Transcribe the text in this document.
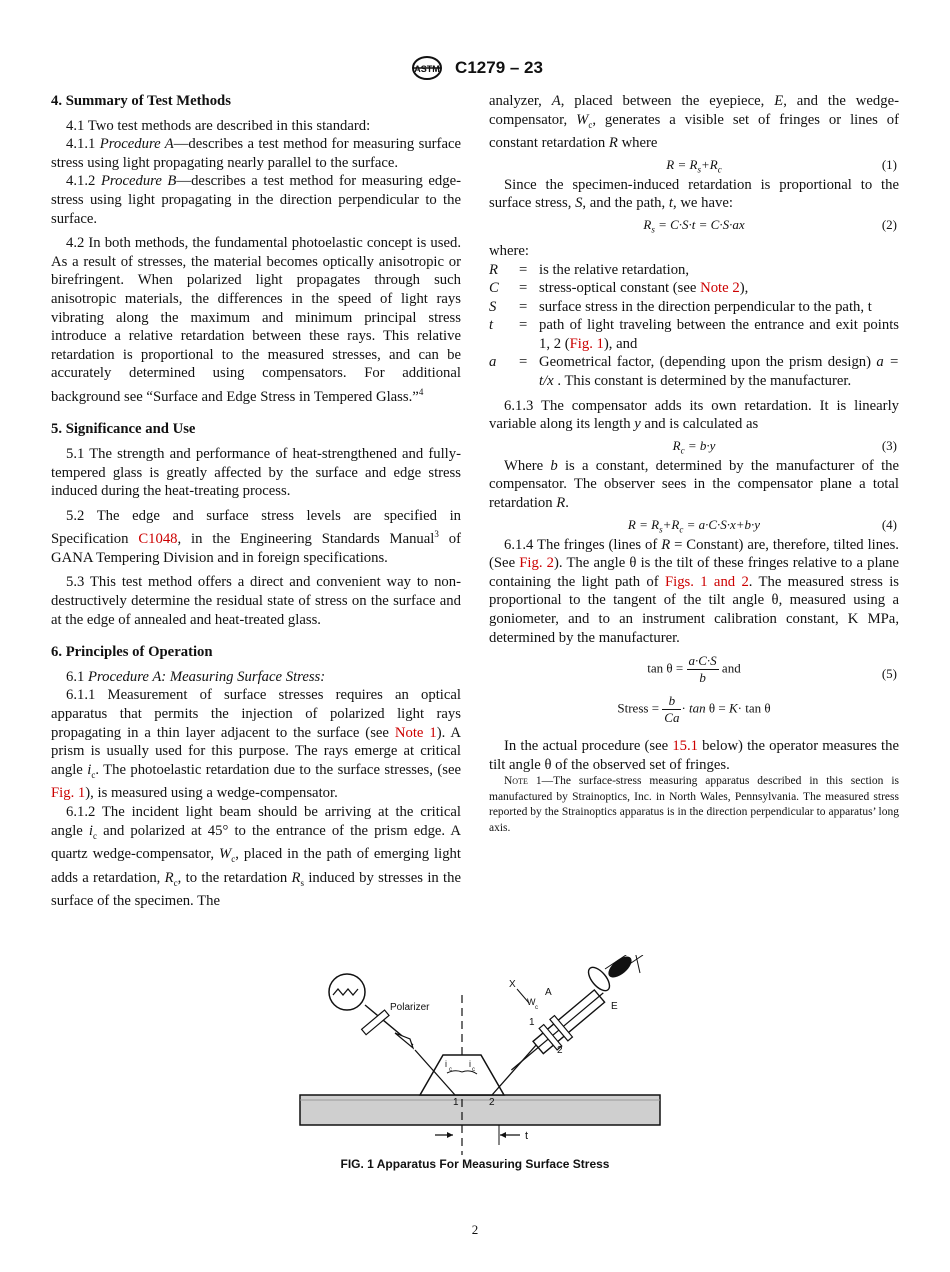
ASTM C1279 – 23
4. Summary of Test Methods

4.1 Two test methods are described in this standard:

4.1.1 Procedure A—describes a test method for measuring surface stress using light propagating nearly parallel to the surface.

4.1.2 Procedure B—describes a test method for measuring edge-stress using light propagating in the direction perpendicular to the surface.

4.2 In both methods, the fundamental photoelastic concept is used. As a result of stresses, the material becomes optically anisotropic or birefringent. When polarized light propagates through such anisotropic materials, the differences in the speed of light rays vibrating along the maximum and minimum principal stress introduce a relative retardation between these rays. This relative retardation is proportional to the measured stresses, and can be accurately determined using compensators. For additional background see “Surface and Edge Stress in Tempered Glass.”$^4$

5. Significance and Use

5.1 The strength and performance of heat-strengthened and fully-tempered glass is greatly affected by the surface and edge stress induced during the heat-treating process.

5.2 The edge and surface stress levels are specified in Specification C1048, in the Engineering Standards Manual$^3$ of GANA Tempering Division and in foreign specifications.

5.3 This test method offers a direct and convenient way to non-destructively determine the residual state of stress on the surface and at the edge of annealed and heat-treated glass.

6. Principles of Operation

6.1 Procedure A: Measuring Surface Stress:

6.1.1 Measurement of surface stresses requires an optical apparatus that permits the injection of polarized light rays propagating in a thin layer adjacent to the surface (see Note 1). A prism is usually used for this purpose. The rays emerge at critical angle $i_c$. The photoelastic retardation due to the surface stresses, (see Fig. 1), is measured using a wedge-compensator.

6.1.2 The incident light beam should be arriving at the critical angle $i_c$ and polarized at 45° to the entrance of the prism edge. A quartz wedge-compensator, $W_c$, placed in the path of emerging light adds a retardation, $R_c$, to the retardation $R_s$ induced by stresses in the surface of the specimen. The

analyzer, A, placed between the eyepiece, E, and the wedge-compensator, $W_c$, generates a visible set of fringes or lines of constant retardation R where

$R = R_s+R_c$	(1)

Since the specimen-induced retardation is proportional to the surface stress, S, and the path, t, we have:

$R_s = C\cdot S\cdot t = C\cdot S\cdot ax$	(2)

where:

R	= is the relative retardation,
C	= stress-optical constant (see Note 2),
S	= surface stress in the direction perpendicular to the path, t
t	= path of light traveling between the entrance and exit points 1, 2 (Fig. 1), and
a	= Geometrical factor, (depending upon the prism design) a = t/x . This constant is determined by the manufacturer.

6.1.3 The compensator adds its own retardation. It is linearly variable along its length y and is calculated as

$R_c = b\cdot y$	(3)

Where b is a constant, determined by the manufacturer of the compensator. The observer sees in the compensator plane a total retardation R.

$R = R_s+R_c = a\cdot C\cdot S\cdot x+b\cdot y$	(4)

6.1.4 The fringes (lines of R = Constant) are, therefore, tilted lines. (See Fig. 2). The angle θ is the tilt of these fringes relative to a plane containing the light path of Figs. 1 and 2. The measured stress is proportional to the tangent of the tilt angle θ, measured using a goniometer, and to an instrument calibration constant, K MPa, determined by the manufacturer.

$\tan \theta = \frac{a\cdot C\cdot S}{b}$ and	(5)
Stress = $\frac{b}{Ca} \cdot \tan \theta = K\cdot \tan \theta$

In the actual procedure (see 15.1 below) the operator measures the tilt angle θ of the observed set of fringes.

Note 1—The surface-stress measuring apparatus described in this section is manufactured by Strainoptics, Inc. in North Wales, Pennsylvania. The measured stress reported by the Strainoptics apparatus is in the direction perpendicular to apparatus’ long axis.

Polarizer
i i
c	c
X
W
c
A
E
1
2
1	2
t
FIG. 1 Apparatus For Measuring Surface Stress
2
